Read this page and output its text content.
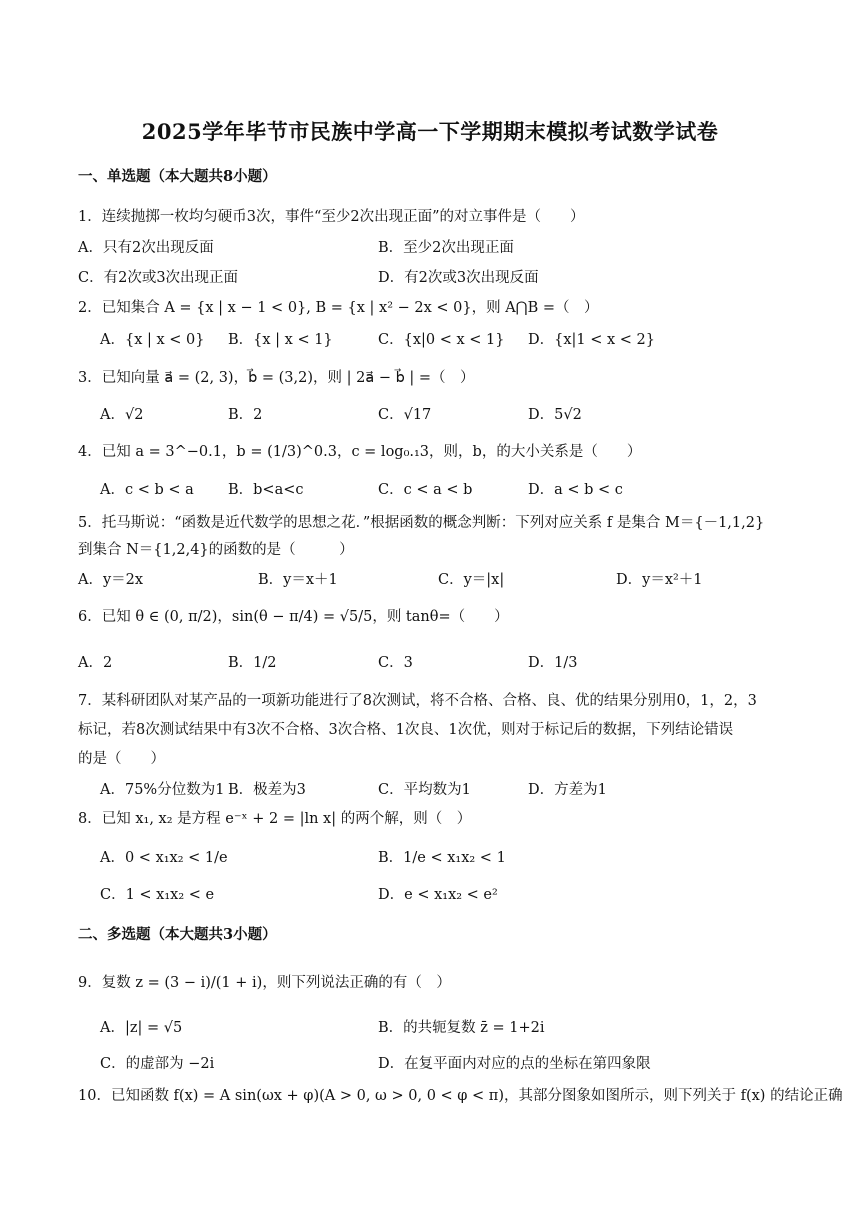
2025学年毕节市民族中学高一下学期期末模拟考试数学试卷
一、单选题（本大题共8小题）
1．连续抛掷一枚均匀硬币3次，事件“至少2次出现正面”的对立事件是（　　）
A．只有2次出现反面	B．至少2次出现正面
C．有2次或3次出现正面	D．有2次或3次出现反面
2．已知集合 A = {x | x − 1 < 0}, B = {x | x² − 2x < 0}，则 A⋂B =（　）
A．{x | x < 0} B．{x | x < 1}	C．{x|0 < x < 1} D．{x|1 < x < 2}
3．已知向量 a⃗ = (2, 3)，b⃗ = (3,2)，则 | 2a⃗ − b⃗ | =（　）
A．√2	B．2	C．√17	D．5√2
4．已知 a = 3^−0.1，b = (1/3)^0.3，c = log₀.₁3，则，b，的大小关系是（　　）
A．c < b < a B．b<a<c	C．c < a < b	D．a < b < c
5．托马斯说：“函数是近代数学的思想之花．”根据函数的概念判断：下列对应关系 f 是集合 M＝{－1,1,2}
到集合 N＝{1,2,4}的函数的是（　　　）
A．y＝2x	B．y＝x＋1	C．y＝|x|	D．y＝x²＋1
6．已知 θ ∈ (0, π/2)，sin(θ − π/4) = √5/5，则 tanθ=（　　）
A．2	B．1/2	C．3	D．1/3
7．某科研团队对某产品的一项新功能进行了8次测试，将不合格、合格、良、优的结果分别用0，1，2，3
标记，若8次测试结果中有3次不合格、3次合格、1次良、1次优，则对于标记后的数据，下列结论错误
的是（　　）
A．75%分位数为1 B．极差为3	C．平均数为1	D．方差为1
8．已知 x₁, x₂ 是方程 e⁻ˣ + 2 = |ln x| 的两个解，则（　）
A．0 < x₁x₂ < 1/e	B．1/e < x₁x₂ < 1
C．1 < x₁x₂ < e	D．e < x₁x₂ < e²
二、多选题（本大题共3小题）
9．复数 z = (3 − i)/(1 + i)，则下列说法正确的有（　）
A．|z| = √5	B．的共轭复数 z̄ = 1+2i
C．的虚部为 −2i	D．在复平面内对应的点的坐标在第四象限
10．已知函数 f(x) = A sin(ωx + φ)(A > 0, ω > 0, 0 < φ < π)，其部分图象如图所示，则下列关于 f(x) 的结论正确
